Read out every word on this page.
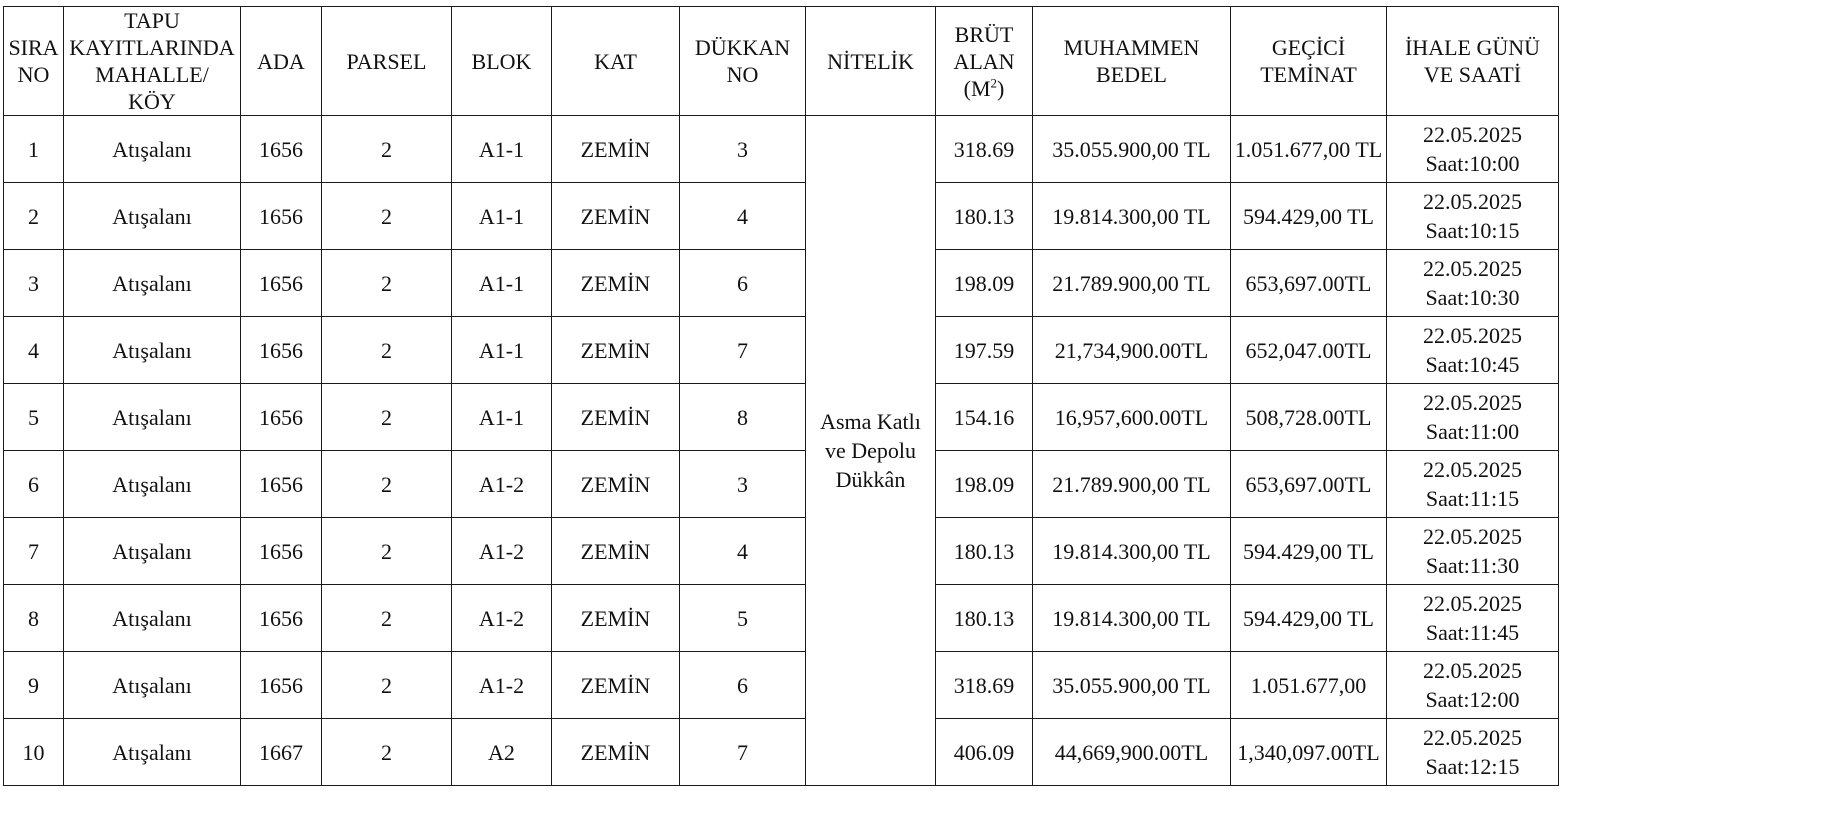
SIRA
NO	TAPU
KAYITLARINDA
MAHALLE/
KÖY	ADA	PARSEL	BLOK	KAT	DÜKKAN
NO	NİTELİK	BRÜT
ALAN
$(M^2)$	MUHAMMEN
BEDEL	GEÇİCİ
TEMİNAT	İHALE GÜNÜ
VE SAATİ

1	Atışalanı	1656	2	A1-1	ZEMİN	3	Asma Katlı
ve Depolu
Dükkân	318.69	35.055.900,00 TL	1.051.677,00 TL	22.05.2025
Saat:10:00

2	Atışalanı	1656	2	A1-1	ZEMİN	4		180.13	19.814.300,00 TL	594.429,00 TL	22.05.2025
Saat:10:15

3	Atışalanı	1656	2	A1-1	ZEMİN	6		198.09	21.789.900,00 TL	653,697.00TL	22.05.2025
Saat:10:30

4	Atışalanı	1656	2	A1-1	ZEMİN	7		197.59	21,734,900.00TL	652,047.00TL	22.05.2025
Saat:10:45

5	Atışalanı	1656	2	A1-1	ZEMİN	8		154.16	16,957,600.00TL	508,728.00TL	22.05.2025
Saat:11:00

6	Atışalanı	1656	2	A1-2	ZEMİN	3		198.09	21.789.900,00 TL	653,697.00TL	22.05.2025
Saat:11:15

7	Atışalanı	1656	2	A1-2	ZEMİN	4		180.13	19.814.300,00 TL	594.429,00 TL	22.05.2025
Saat:11:30

8	Atışalanı	1656	2	A1-2	ZEMİN	5		180.13	19.814.300,00 TL	594.429,00 TL	22.05.2025
Saat:11:45

9	Atışalanı	1656	2	A1-2	ZEMİN	6		318.69	35.055.900,00 TL	1.051.677,00	22.05.2025
Saat:12:00

10	Atışalanı	1667	2	A2	ZEMİN	7		406.09	44,669,900.00TL	1,340,097.00TL	22.05.2025
Saat:12:15
